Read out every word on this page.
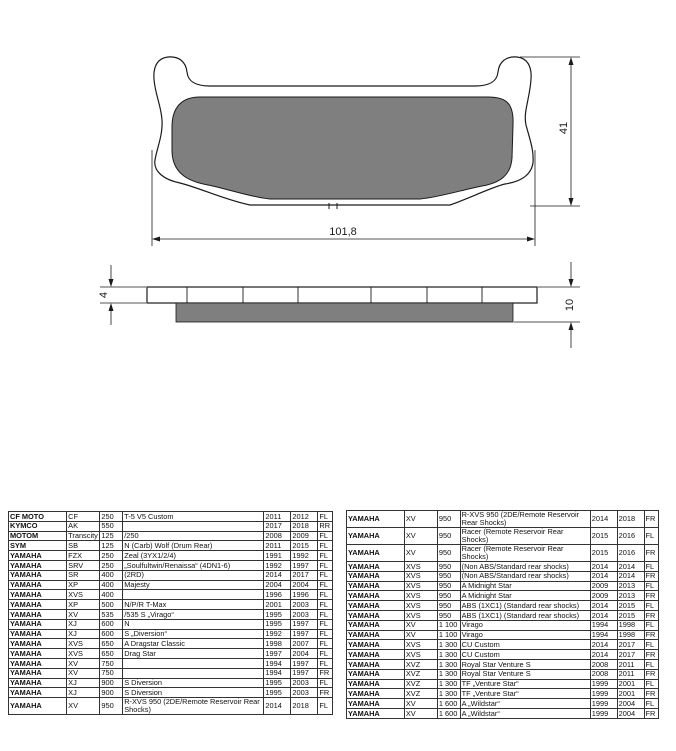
41
101,8
4
10
CF MOTO	CF	250	T-5 V5 Custom	2011	2012	FL
KYMCO	AK	550		2017	2018	RR
MOTOM	Transcity	125	/250	2008	2009	FL
SYM	SB	125	N (Carb) Wolf (Drum Rear)	2011	2015	FL
YAMAHA	FZX	250	Zeal (3YX1/2/4)	1991	1992	FL
YAMAHA	SRV	250	„Soulfultwin/Renaissa“ (4DN1-6)	1992	1997	FL
YAMAHA	SR	400	(2RD)	2014	2017	FL
YAMAHA	XP	400	Majesty	2004	2004	FL
YAMAHA	XVS	400		1996	1996	FL
YAMAHA	XP	500	N/P/R T-Max	2001	2003	FL
YAMAHA	XV	535	/535 S „Virago“	1995	2003	FL
YAMAHA	XJ	600	N	1995	1997	FL
YAMAHA	XJ	600	S „Diversion“	1992	1997	FL
YAMAHA	XVS	650	A Dragstar Classic	1998	2007	FL
YAMAHA	XVS	650	Drag Star	1997	2004	FL
YAMAHA	XV	750		1994	1997	FL
YAMAHA	XV	750		1994	1997	FR
YAMAHA	XJ	900	S Diversion	1995	2003	FL
YAMAHA	XJ	900	S Diversion	1995	2003	FR
YAMAHA	XV	950	R-XVS 950 (2DE/Remote Reservoir Rear Shocks)	2014	2018	FL
YAMAHA	XV	950	R-XVS 950 (2DE/Remote Reservoir Rear Shocks)	2014	2018	FR
YAMAHA	XV	950	Racer (Remote Reservoir Rear Shocks)	2015	2016	FL
YAMAHA	XV	950	Racer (Remote Reservoir Rear Shocks)	2015	2016	FR
YAMAHA	XVS	950	(Non ABS/Standard rear shocks)	2014	2014	FL
YAMAHA	XVS	950	(Non ABS/Standard rear shocks)	2014	2014	FR
YAMAHA	XVS	950	A Midnight Star	2009	2013	FL
YAMAHA	XVS	950	A Midnight Star	2009	2013	FR
YAMAHA	XVS	950	ABS (1XC1) (Standard rear shocks)	2014	2015	FL
YAMAHA	XVS	950	ABS (1XC1) (Standard rear shocks)	2014	2015	FR
YAMAHA	XV	1 100	Virago	1994	1998	FL
YAMAHA	XV	1 100	Virago	1994	1998	FR
YAMAHA	XVS	1 300	CU Custom	2014	2017	FL
YAMAHA	XVS	1 300	CU Custom	2014	2017	FR
YAMAHA	XVZ	1 300	Royal Star Venture S	2008	2011	FL
YAMAHA	XVZ	1 300	Royal Star Venture S	2008	2011	FR
YAMAHA	XVZ	1 300	TF „Venture Star“	1999	2001	FL
YAMAHA	XVZ	1 300	TF „Venture Star“	1999	2001	FR
YAMAHA	XV	1 600	A „Wildstar“	1999	2004	FL
YAMAHA	XV	1 600	A „Wildstar“	1999	2004	FR
